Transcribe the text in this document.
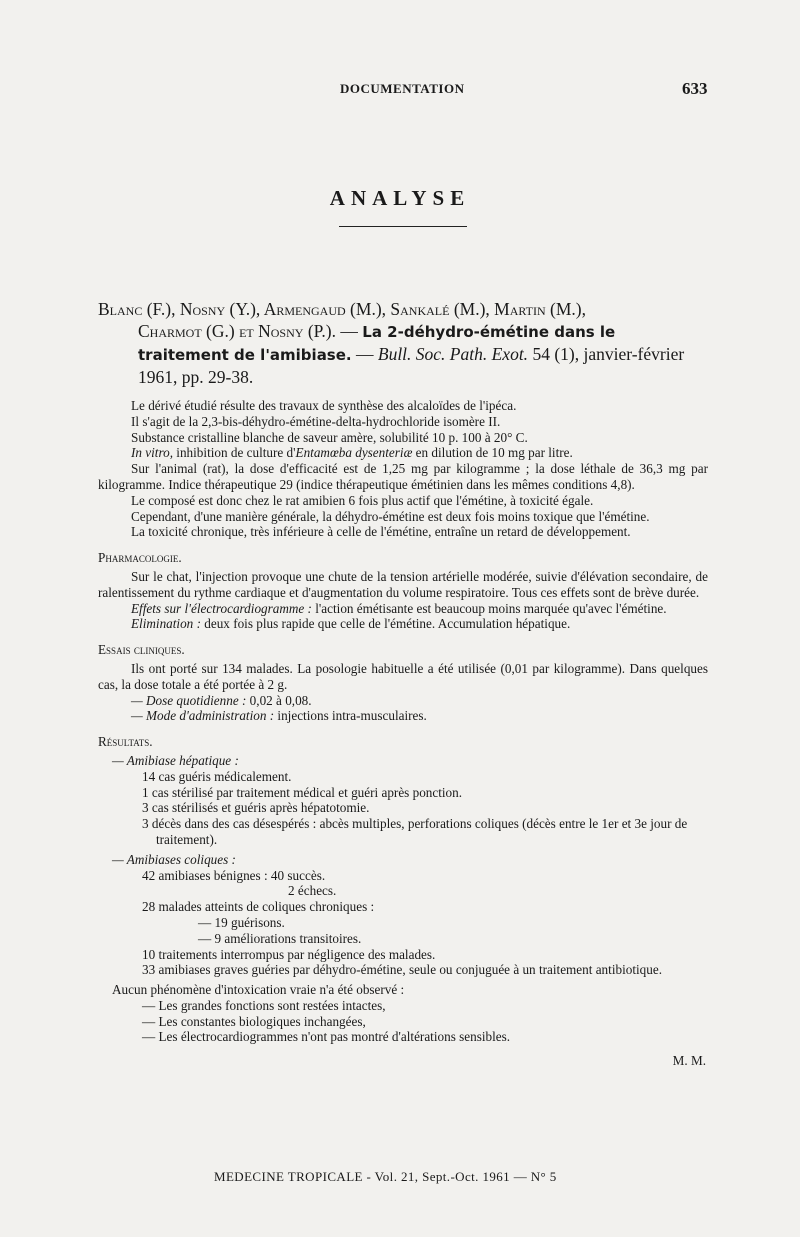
DOCUMENTATION	633
ANALYSE
Blanc (F.), Nosny (Y.), Armengaud (M.), Sankalé (M.), Martin (M.),
Charmot (G.) et Nosny (P.). — La 2-déhydro-émétine dans le traitement de l'amibiase. — Bull. Soc. Path. Exot. 54 (1), janvier-février 1961, pp. 29-38.

Le dérivé étudié résulte des travaux de synthèse des alcaloïdes de l'ipéca.

Il s'agit de la 2,3-bis-déhydro-émétine-delta-hydrochloride isomère II.

Substance cristalline blanche de saveur amère, solubilité 10 p. 100 à 20° C.

In vitro, inhibition de culture d'Entamœba dysenteriæ en dilution de 10 mg par litre.

Sur l'animal (rat), la dose d'efficacité est de 1,25 mg par kilogramme ; la dose léthale de 36,3 mg par kilogramme. Indice thérapeutique 29 (indice thérapeutique émétinien dans les mêmes conditions 4,8).

Le composé est donc chez le rat amibien 6 fois plus actif que l'émétine, à toxicité égale.

Cependant, d'une manière générale, la déhydro-émétine est deux fois moins toxique que l'émétine.

La toxicité chronique, très inférieure à celle de l'émétine, entraîne un retard de développement.

Pharmacologie.

Sur le chat, l'injection provoque une chute de la tension artérielle modérée, suivie d'élévation secondaire, de ralentissement du rythme cardiaque et d'augmentation du volume respiratoire. Tous ces effets sont de brève durée.

Effets sur l'électrocardiogramme : l'action émétisante est beaucoup moins marquée qu'avec l'émétine.

Elimination : deux fois plus rapide que celle de l'émétine. Accumulation hépatique.

Essais cliniques.

Ils ont porté sur 134 malades. La posologie habituelle a été utilisée (0,01 par kilogramme). Dans quelques cas, la dose totale a été portée à 2 g.

— Dose quotidienne : 0,02 à 0,08.

— Mode d'administration : injections intra-musculaires.

Résultats.
— Amibiase hépatique :
14 cas guéris médicalement.
1 cas stérilisé par traitement médical et guéri après ponction.
3 cas stérilisés et guéris après hépatotomie.
3 décès dans des cas désespérés : abcès multiples, perforations coliques (décès entre le 1er et 3e jour de traitement).
— Amibiases coliques :
42 amibiases bénignes : 40 succès.
2 échecs.
28 malades atteints de coliques chroniques :
— 19 guérisons.
— 9 améliorations transitoires.
10 traitements interrompus par négligence des malades.
33 amibiases graves guéries par déhydro-émétine, seule ou conjuguée à un traitement antibiotique.
Aucun phénomène d'intoxication vraie n'a été observé :
— Les grandes fonctions sont restées intactes,
— Les constantes biologiques inchangées,
— Les électrocardiogrammes n'ont pas montré d'altérations sensibles.
M. M.
MEDECINE TROPICALE - Vol. 21, Sept.-Oct. 1961 — N° 5
